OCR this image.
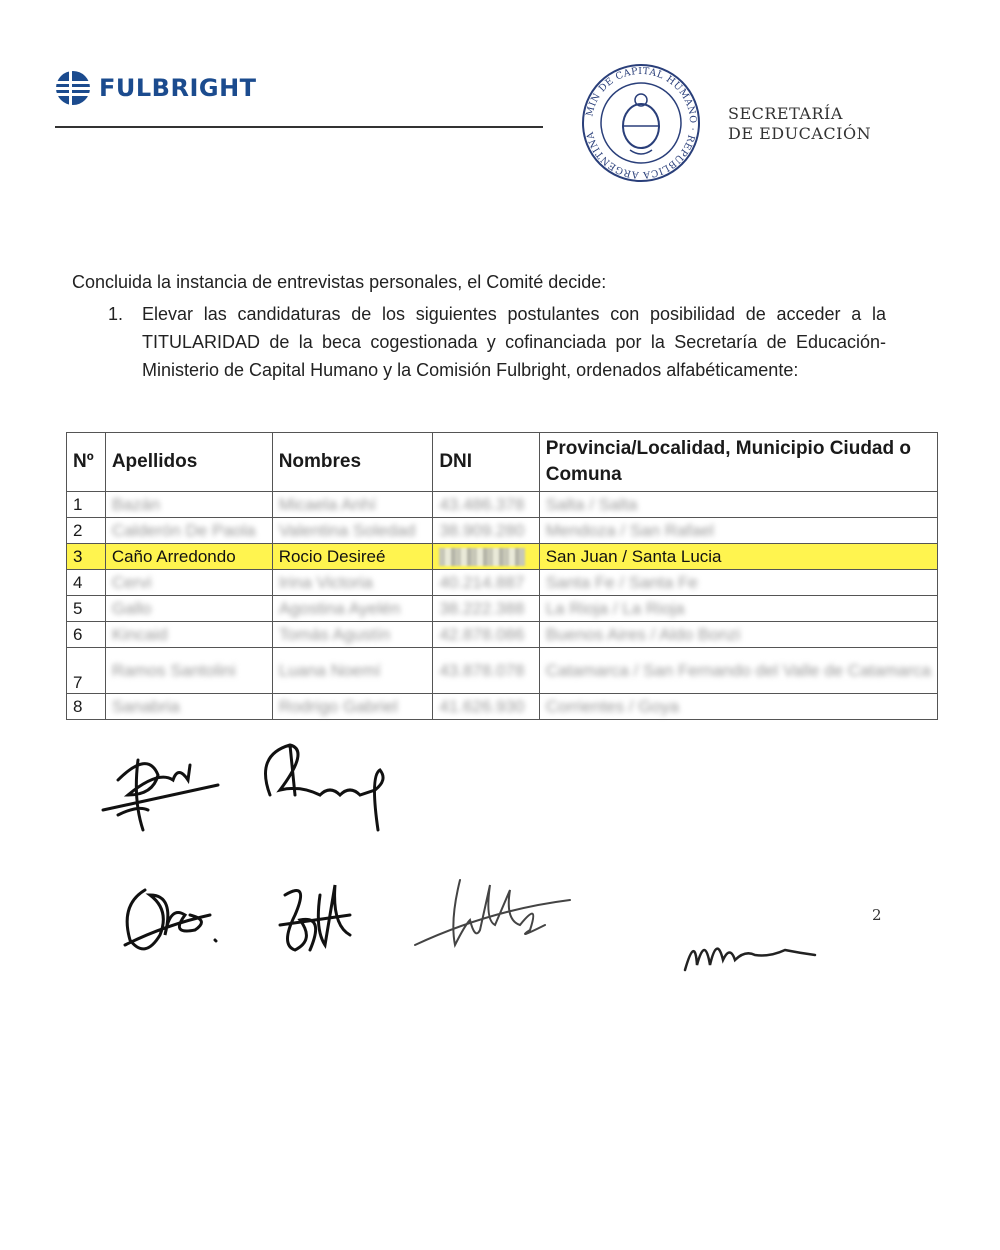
FULBRIGHT
MIN DE CAPITAL HUMANO · REPÚBLICA ARGENTINA
SECRETARÍA
DE EDUCACIÓN
Concluida la instancia de entrevistas personales, el Comité decide:
1. Elevar las candidaturas de los siguientes postulantes con posibilidad de acceder a la TITULARIDAD de la beca cogestionada y cofinanciada por la Secretaría de Educación-Ministerio de Capital Humano y la Comisión Fulbright, ordenados alfabéticamente:
Nº	Apellidos	Nombres	DNI	Provincia/Localidad, Municipio Ciudad o Comuna
1	Bazán	Micaela Anhí	43.486.378	Salta / Salta
2	Calderón De Paola	Valentina Soledad	38.909.280	Mendoza / San Rafael
3	Caño Arredondo	Rocio Desireé		San Juan / Santa Lucia
4	Cervi	Irina Victoria	40.214.887	Santa Fe / Santa Fe
5	Gallo	Agostina Ayelén	38.222.388	La Rioja / La Rioja
6	Kincaid	Tomás Agustín	42.878.086	Buenos Aires / Aldo Bonzi
7	Ramos Santolini	Luana Noemí	43.878.078	Catamarca / San Fernando del Valle de Catamarca
8	Sanabria	Rodrigo Gabriel	41.626.930	Corrientes / Goya
2
